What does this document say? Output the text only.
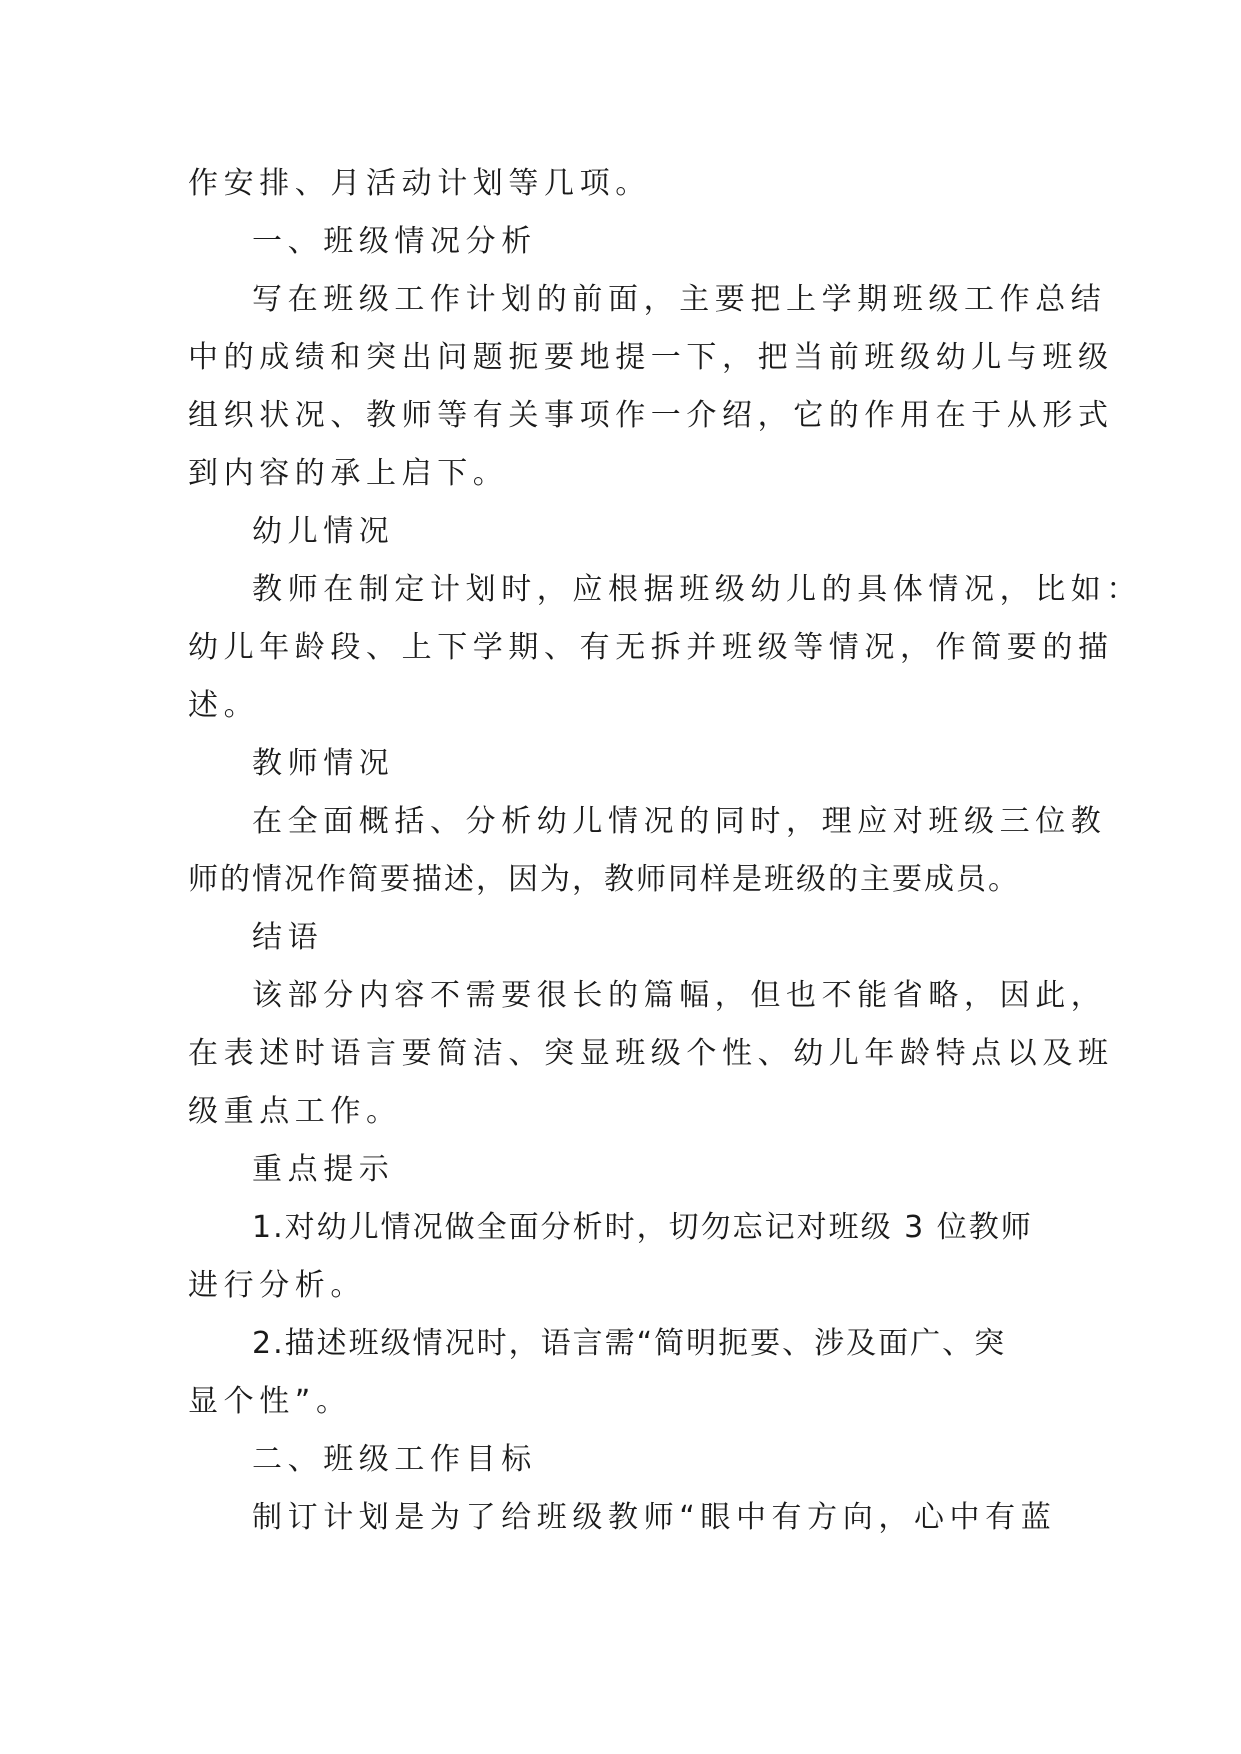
作安排、月活动计划等几项。
一、班级情况分析
写在班级工作计划的前面，主要把上学期班级工作总结
中的成绩和突出问题扼要地提一下，把当前班级幼儿与班级
组织状况、教师等有关事项作一介绍，它的作用在于从形式
到内容的承上启下。
幼儿情况
教师在制定计划时，应根据班级幼儿的具体情况，比如：
幼儿年龄段、上下学期、有无拆并班级等情况，作简要的描
述。
教师情况
在全面概括、分析幼儿情况的同时，理应对班级三位教
师的情况作简要描述，因为，教师同样是班级的主要成员。
结语
该部分内容不需要很长的篇幅，但也不能省略，因此，
在表述时语言要简洁、突显班级个性、幼儿年龄特点以及班
级重点工作。
重点提示
1.对幼儿情况做全面分析时，切勿忘记对班级 3 位教师
进行分析。
2.描述班级情况时，语言需“简明扼要、涉及面广、突
显个性”。
二、班级工作目标
制订计划是为了给班级教师“眼中有方向，心中有蓝
